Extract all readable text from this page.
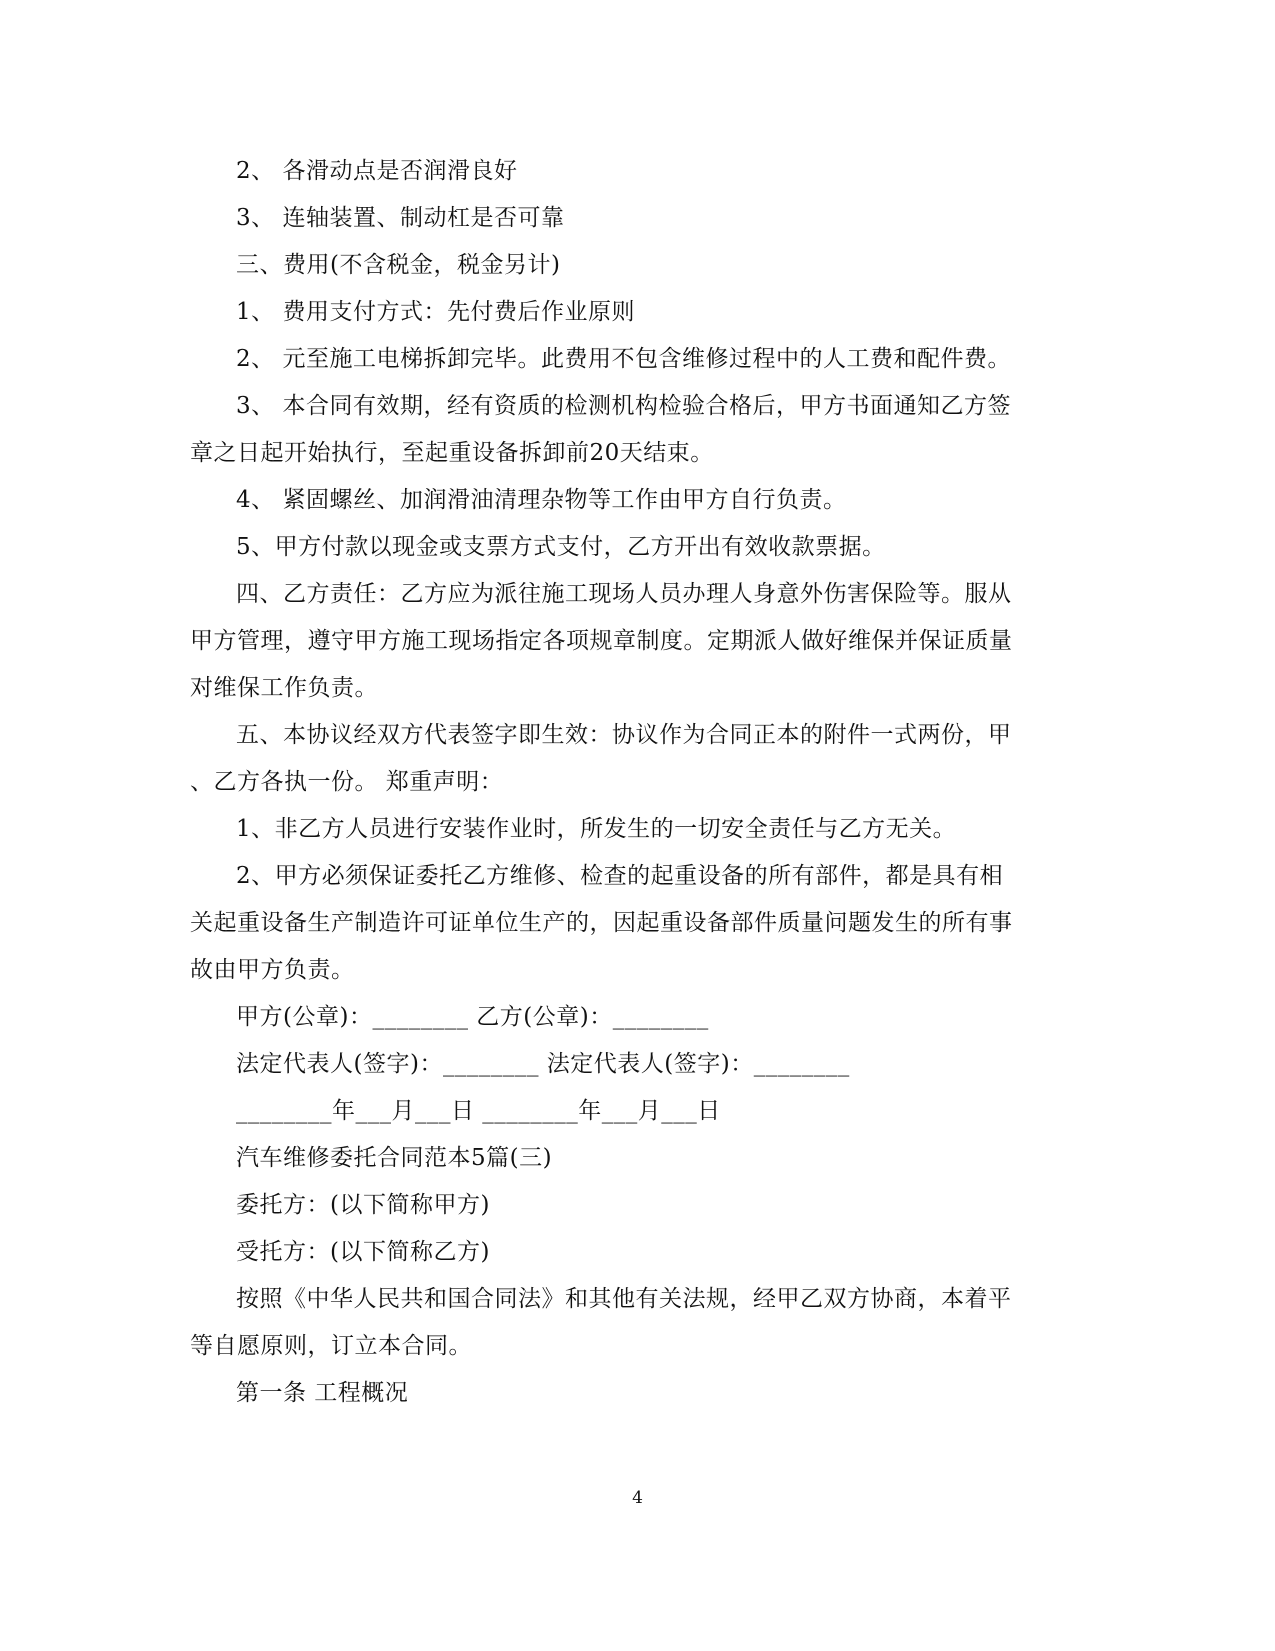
2、 各滑动点是否润滑良好

3、 连轴装置、制动杠是否可靠

三、费用(不含税金，税金另计)

1、 费用支付方式：先付费后作业原则

2、 元至施工电梯拆卸完毕。此费用不包含维修过程中的人工费和配件费。

3、 本合同有效期，经有资质的检测机构检验合格后，甲方书面通知乙方签

章之日起开始执行，至起重设备拆卸前20天结束。

4、 紧固螺丝、加润滑油清理杂物等工作由甲方自行负责。

5、甲方付款以现金或支票方式支付，乙方开出有效收款票据。

四、乙方责任：乙方应为派往施工现场人员办理人身意外伤害保险等。服从

甲方管理，遵守甲方施工现场指定各项规章制度。定期派人做好维保并保证质量

对维保工作负责。

五、本协议经双方代表签字即生效：协议作为合同正本的附件一式两份，甲

、乙方各执一份。 郑重声明：

1、非乙方人员进行安装作业时，所发生的一切安全责任与乙方无关。

2、甲方必须保证委托乙方维修、检查的起重设备的所有部件，都是具有相

关起重设备生产制造许可证单位生产的，因起重设备部件质量问题发生的所有事

故由甲方负责。

甲方(公章)：________ 乙方(公章)：________

法定代表人(签字)：________ 法定代表人(签字)：________

________年___月___日 ________年___月___日

汽车维修委托合同范本5篇(三)

委托方：(以下简称甲方)

受托方：(以下简称乙方)

按照《中华人民共和国合同法》和其他有关法规，经甲乙双方协商，本着平

等自愿原则，订立本合同。

第一条 工程概况

4
